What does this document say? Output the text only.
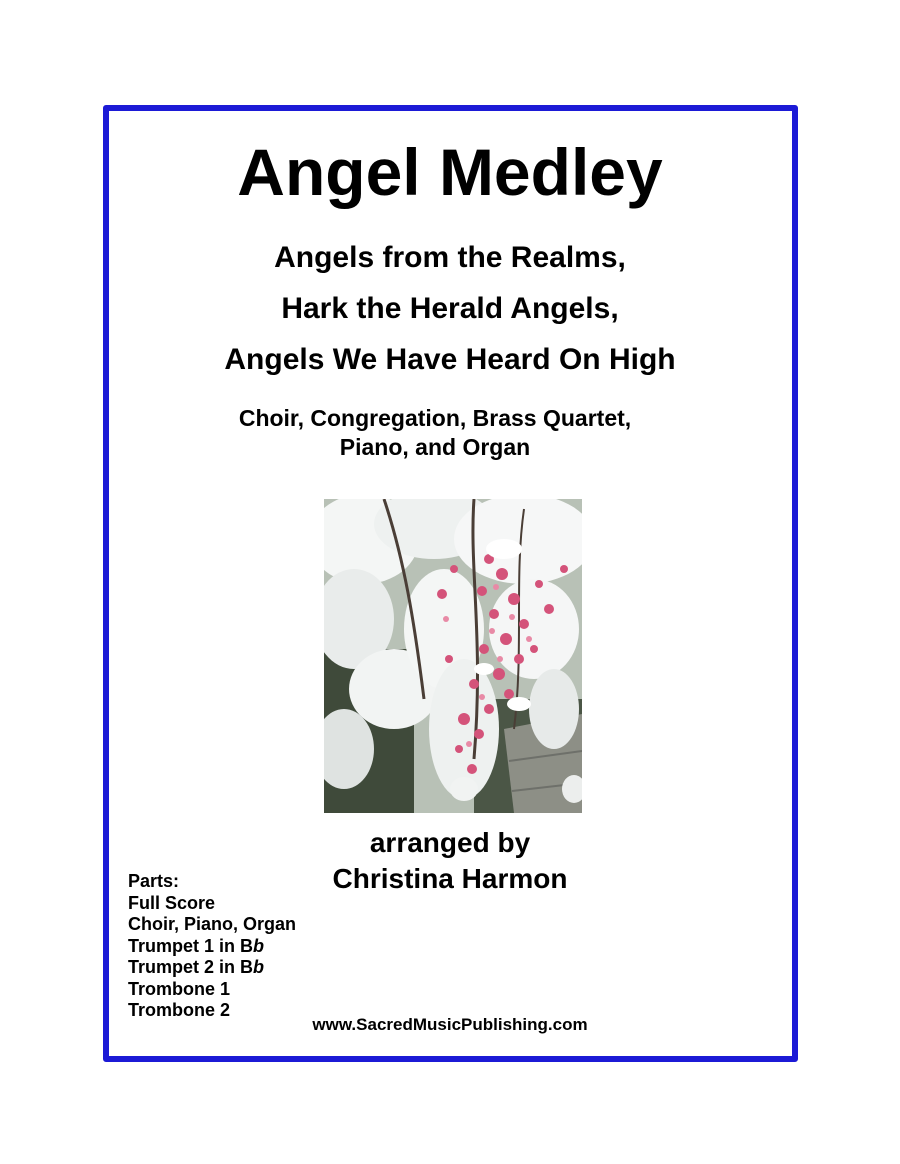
Angel Medley
Angels from the Realms,
Hark the Herald Angels,
Angels We Have Heard On High
Choir, Congregation, Brass Quartet,
Piano, and Organ
arranged by
Christina Harmon
Parts:
Full Score
Choir, Piano, Organ
Trumpet 1 in Bb
Trumpet 2 in Bb
Trombone 1
Trombone 2
www.SacredMusicPublishing.com
